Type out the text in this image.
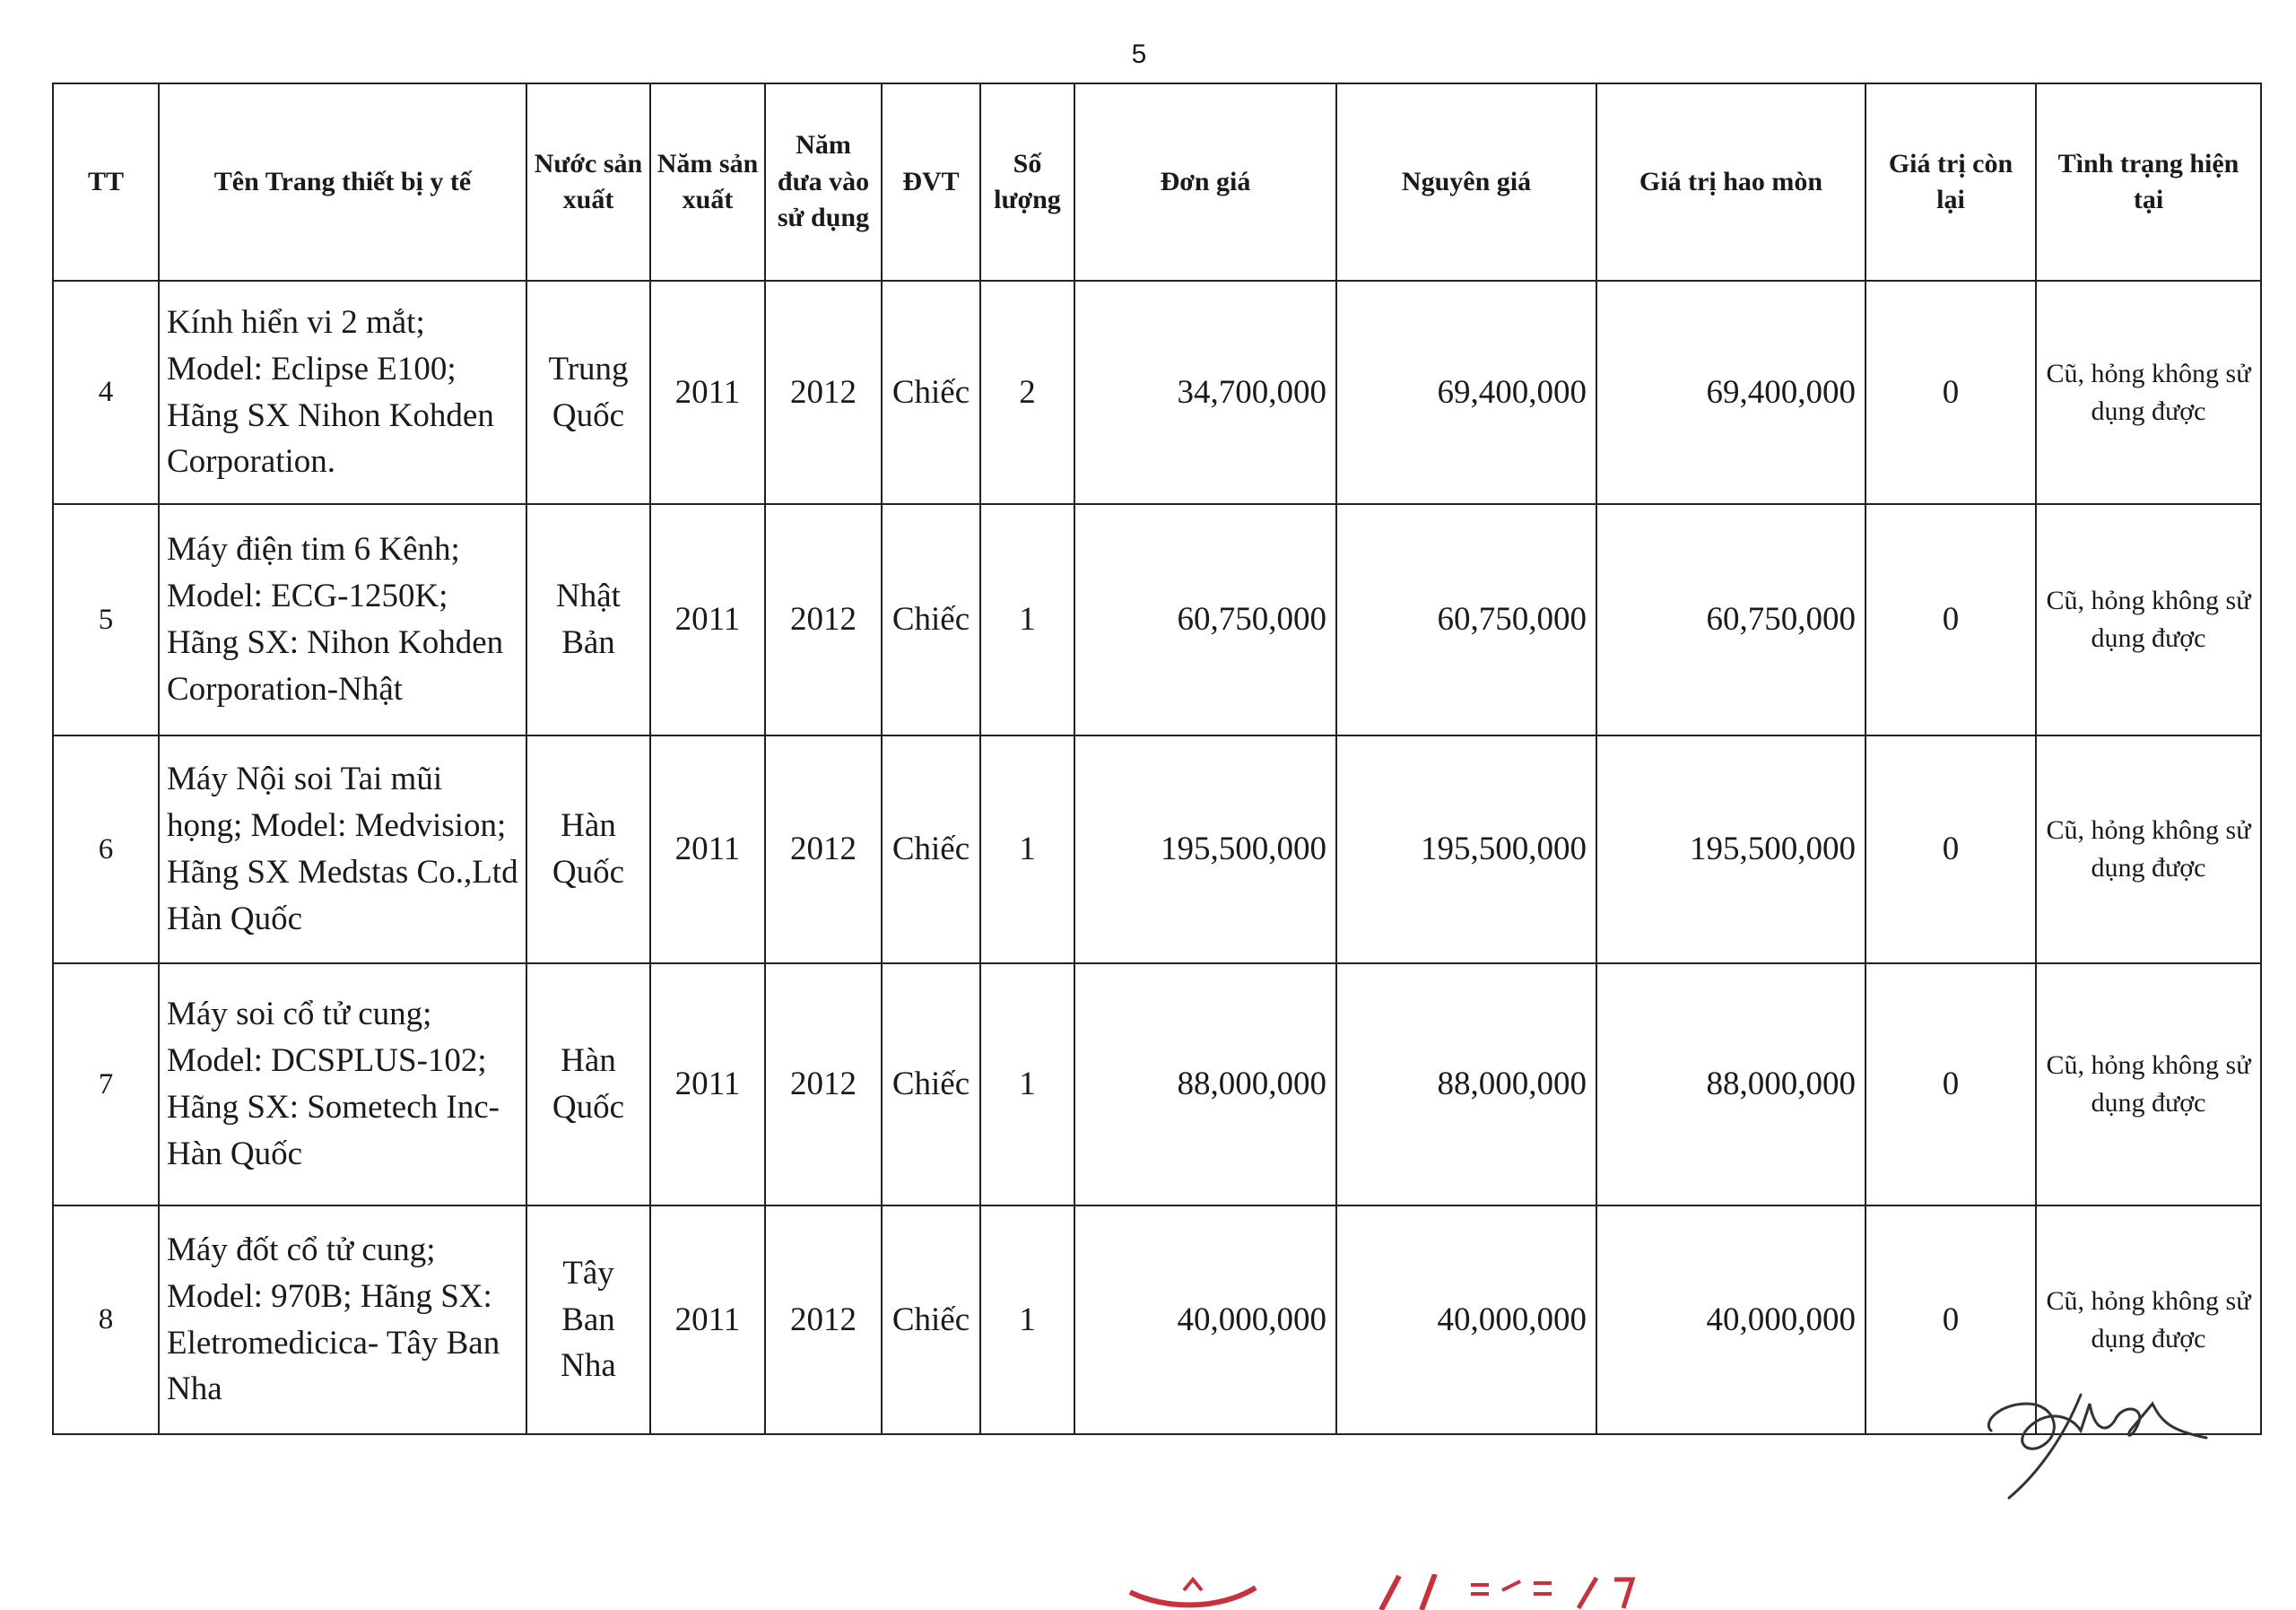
5
TT	Tên Trang thiết bị y tế	Nước sản xuất	Năm sản xuất	Năm đưa vào sử dụng	ĐVT	Số lượng	Đơn giá	Nguyên giá	Giá trị hao mòn	Giá trị còn lại	Tình trạng hiện tại
4	Kính hiển vi 2 mắt; Model: Eclipse E100; Hãng SX Nihon Kohden Corporation.	Trung Quốc	2011	2012	Chiếc	2	34,700,000	69,400,000	69,400,000	0	Cũ, hỏng không sử dụng được
5	Máy điện tim 6 Kênh; Model: ECG-1250K; Hãng SX: Nihon Kohden Corporation-Nhật	Nhật Bản	2011	2012	Chiếc	1	60,750,000	60,750,000	60,750,000	0	Cũ, hỏng không sử dụng được
6	Máy Nội soi Tai mũi họng; Model: Medvision; Hãng SX Medstas Co.,Ltd Hàn Quốc	Hàn Quốc	2011	2012	Chiếc	1	195,500,000	195,500,000	195,500,000	0	Cũ, hỏng không sử dụng được
7	Máy soi cổ tử cung; Model: DCSPLUS-102; Hãng SX: Sometech Inc-Hàn Quốc	Hàn Quốc	2011	2012	Chiếc	1	88,000,000	88,000,000	88,000,000	0	Cũ, hỏng không sử dụng được
8	Máy đốt cổ tử cung; Model: 970B; Hãng SX: Eletromedicica- Tây Ban Nha	Tây Ban Nha	2011	2012	Chiếc	1	40,000,000	40,000,000	40,000,000	0	Cũ, hỏng không sử dụng được
